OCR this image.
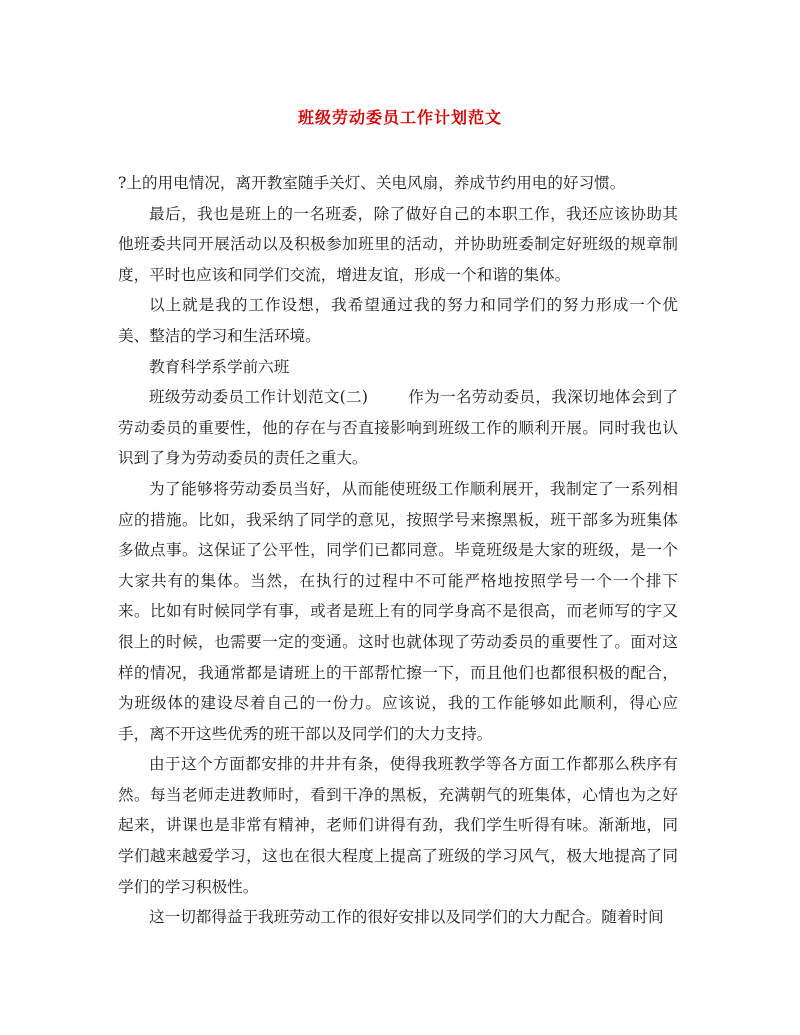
班级劳动委员工作计划范文

?上的用电情况，离开教室随手关灯、关电风扇，养成节约用电的好习惯。

最后，我也是班上的一名班委，除了做好自己的本职工作，我还应该协助其他班委共同开展活动以及积极参加班里的活动，并协助班委制定好班级的规章制度，平时也应该和同学们交流，增进友谊，形成一个和谐的集体。

以上就是我的工作设想，我希望通过我的努力和同学们的努力形成一个优美、整洁的学习和生活环境。

教育科学系学前六班

班级劳动委员工作计划范文(二)	作为一名劳动委员，我深切地体会到了劳动委员的重要性，他的存在与否直接影响到班级工作的顺利开展。同时我也认识到了身为劳动委员的责任之重大。

为了能够将劳动委员当好，从而能使班级工作顺利展开，我制定了一系列相应的措施。比如，我采纳了同学的意见，按照学号来擦黑板，班干部多为班集体多做点事。这保证了公平性，同学们已都同意。毕竟班级是大家的班级，是一个大家共有的集体。当然，在执行的过程中不可能严格地按照学号一个一个排下来。比如有时候同学有事，或者是班上有的同学身高不是很高，而老师写的字又很上的时候，也需要一定的变通。这时也就体现了劳动委员的重要性了。面对这样的情况，我通常都是请班上的干部帮忙擦一下，而且他们也都很积极的配合，为班级体的建设尽着自己的一份力。应该说，我的工作能够如此顺利，得心应手，离不开这些优秀的班干部以及同学们的大力支持。

由于这个方面都安排的井井有条，使得我班教学等各方面工作都那么秩序有然。每当老师走进教师时，看到干净的黑板，充满朝气的班集体，心情也为之好起来，讲课也是非常有精神，老师们讲得有劲，我们学生听得有味。渐渐地，同学们越来越爱学习，这也在很大程度上提高了班级的学习风气，极大地提高了同学们的学习积极性。

这一切都得益于我班劳动工作的很好安排以及同学们的大力配合。随着时间
